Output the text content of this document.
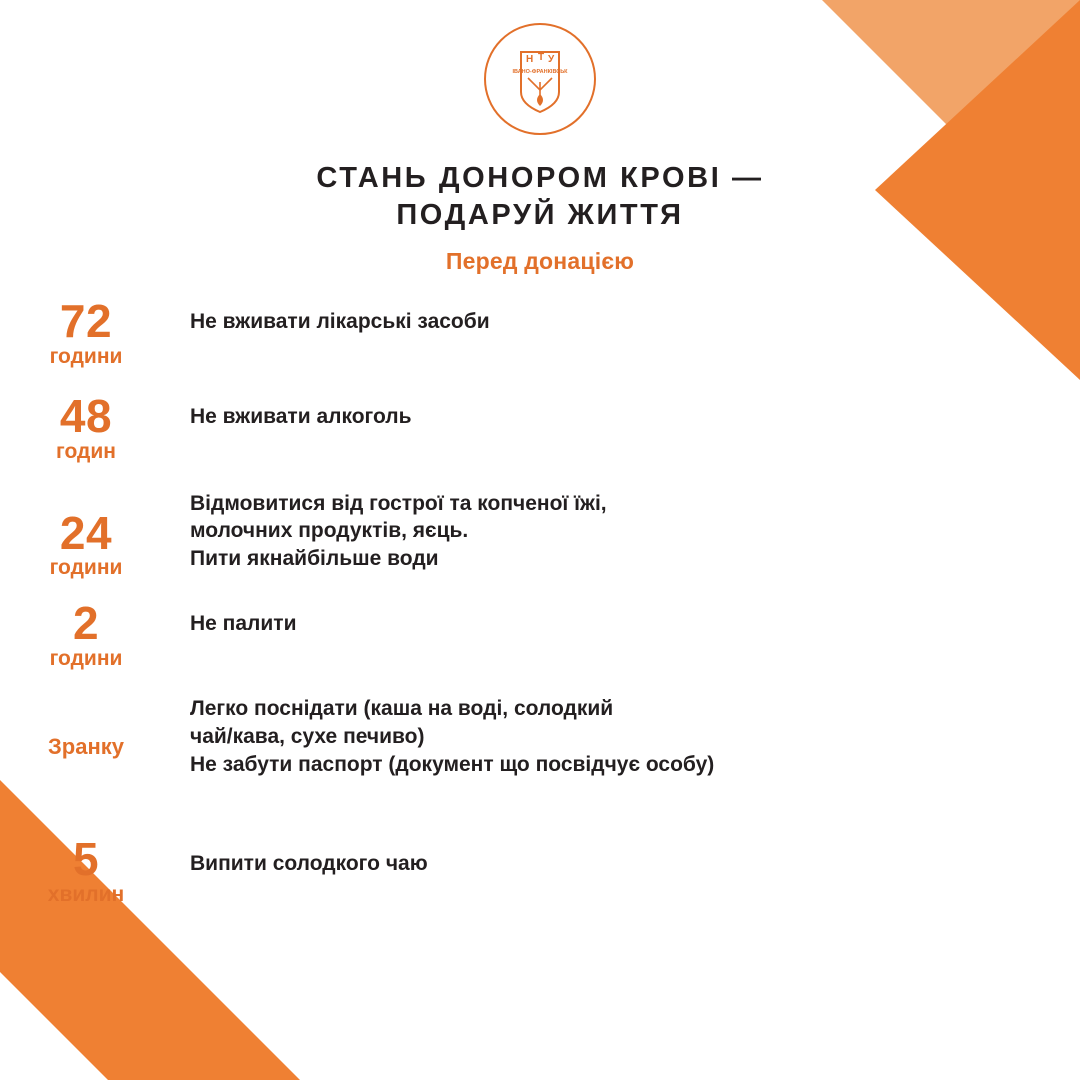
Н Т У
ІВАНО-ФРАНКІВСЬК
СТАНЬ ДОНОРОМ КРОВІ —
ПОДАРУЙ ЖИТТЯ
Перед донацією
72
години
Не вживати лікарські засоби
48
годин
Не вживати алкоголь
24
години
Відмовитися від гострої та копченої їжі,
молочних продуктів, яєць.
Пити якнайбільше води
2
години
Не палити
Зранку
Легко поснідати (каша на воді, солодкий
чай/кава, сухе печиво)
Не забути паспорт (документ що посвідчує особу)
5
хвилин
Випити солодкого чаю
